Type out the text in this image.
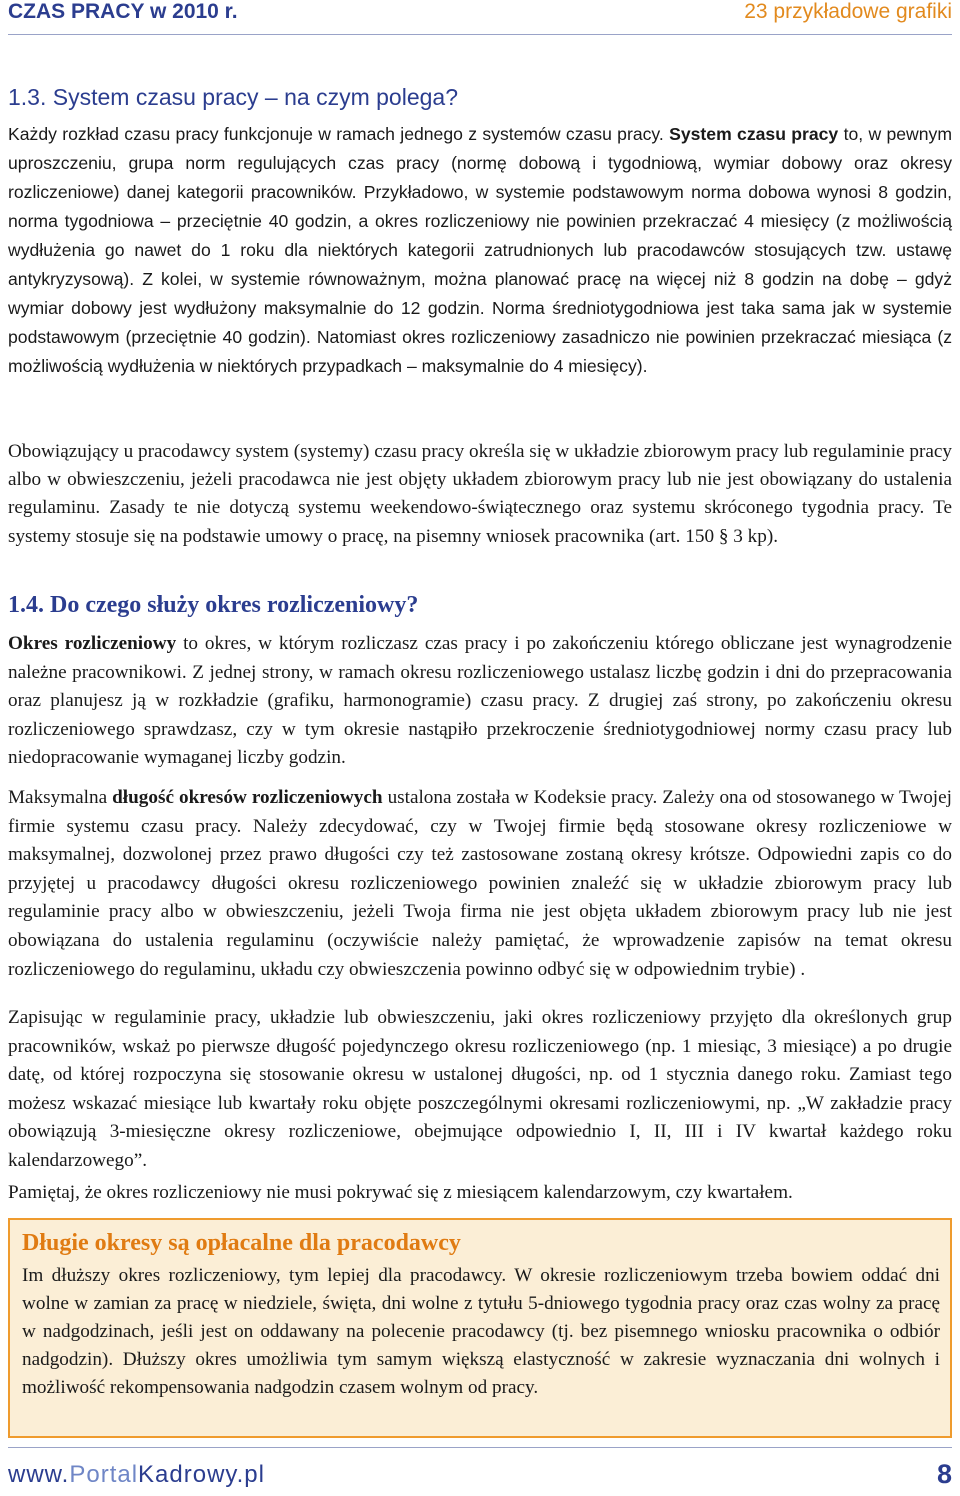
CZAS PRACY w 2010 r.	23 przykładowe grafiki
1.3. System czasu pracy – na czym polega?

Każdy rozkład czasu pracy funkcjonuje w ramach jednego z systemów czasu pracy. System czasu pracy to, w pewnym uproszczeniu, grupa norm regulujących czas pracy (normę dobową i tygodniową, wymiar dobowy oraz okresy rozliczeniowe) danej kategorii pracowników. Przykładowo, w systemie podstawowym norma dobowa wynosi 8 godzin, norma tygodniowa – przeciętnie 40 godzin, a okres rozliczeniowy nie powinien przekraczać 4 miesięcy (z możliwością wydłużenia go nawet do 1 roku dla niektórych kategorii zatrudnionych lub pracodawców stosujących tzw. ustawę antykryzysową). Z kolei, w systemie równoważnym, można planować pracę na więcej niż 8 godzin na dobę – gdyż wymiar dobowy jest wydłużony maksymalnie do 12 godzin. Norma średniotygodniowa jest taka sama jak w systemie podstawowym (przeciętnie 40 godzin). Natomiast okres rozliczeniowy zasadniczo nie powinien przekraczać miesiąca (z możliwością wydłużenia w niektórych przypadkach – maksymalnie do 4 miesięcy).

Obowiązujący u pracodawcy system (systemy) czasu pracy określa się w układzie zbiorowym pracy lub regulaminie pracy albo w obwieszczeniu, jeżeli pracodawca nie jest objęty układem zbiorowym pracy lub nie jest obowiązany do ustalenia regulaminu. Zasady te nie dotyczą systemu weekendowo-świątecznego oraz systemu skróconego tygodnia pracy. Te systemy stosuje się na podstawie umowy o pracę, na pisemny wniosek pracownika (art. 150 § 3 kp).

1.4. Do czego służy okres rozliczeniowy?

Okres rozliczeniowy to okres, w którym rozliczasz czas pracy i po zakończeniu którego obliczane jest wynagrodzenie należne pracownikowi. Z jednej strony, w ramach okresu rozliczeniowego ustalasz liczbę godzin i dni do przepracowania oraz planujesz ją w rozkładzie (grafiku, harmonogramie) czasu pracy. Z drugiej zaś strony, po zakończeniu okresu rozliczeniowego sprawdzasz, czy w tym okresie nastąpiło przekroczenie średniotygodniowej normy czasu pracy lub niedopracowanie wymaganej liczby godzin.

Maksymalna długość okresów rozliczeniowych ustalona została w Kodeksie pracy. Zależy ona od stosowanego w Twojej firmie systemu czasu pracy. Należy zdecydować, czy w Twojej firmie będą stosowane okresy rozliczeniowe w maksymalnej, dozwolonej przez prawo długości czy też zastosowane zostaną okresy krótsze. Odpowiedni zapis co do przyjętej u pracodawcy długości okresu rozliczeniowego powinien znaleźć się w układzie zbiorowym pracy lub regulaminie pracy albo w obwieszczeniu, jeżeli Twoja firma nie jest objęta układem zbiorowym pracy lub nie jest obowiązana do ustalenia regulaminu (oczywiście należy pamiętać, że wprowadzenie zapisów na temat okresu rozliczeniowego do regulaminu, układu czy obwieszczenia powinno odbyć się w odpowiednim trybie) .

Zapisując w regulaminie pracy, układzie lub obwieszczeniu, jaki okres rozliczeniowy przyjęto dla określonych grup pracowników, wskaż po pierwsze długość pojedynczego okresu rozliczeniowego (np. 1 miesiąc, 3 miesiące) a po drugie datę, od której rozpoczyna się stosowanie okresu w ustalonej długości, np. od 1 stycznia danego roku. Zamiast tego możesz wskazać miesiące lub kwartały roku objęte poszczególnymi okresami rozliczeniowymi, np. „W zakładzie pracy obowiązują 3-miesięczne okresy rozliczeniowe, obejmujące odpowiednio I, II, III i IV kwartał każdego roku kalendarzowego”.

Pamiętaj, że okres rozliczeniowy nie musi pokrywać się z miesiącem kalendarzowym, czy kwartałem.

Długie okresy są opłacalne dla pracodawcy

Im dłuższy okres rozliczeniowy, tym lepiej dla pracodawcy. W okresie rozliczeniowym trzeba bowiem oddać dni wolne w zamian za pracę w niedziele, święta, dni wolne z tytułu 5-dniowego tygodnia pracy oraz czas wolny za pracę w nadgodzinach, jeśli jest on oddawany na polecenie pracodawcy (tj. bez pisemnego wniosku pracownika o odbiór nadgodzin). Dłuższy okres umożliwia tym samym większą elastyczność w zakresie wyznaczania dni wolnych i możliwość rekompensowania nadgodzin czasem wolnym od pracy.

www.PortalKadrowy.pl	8
